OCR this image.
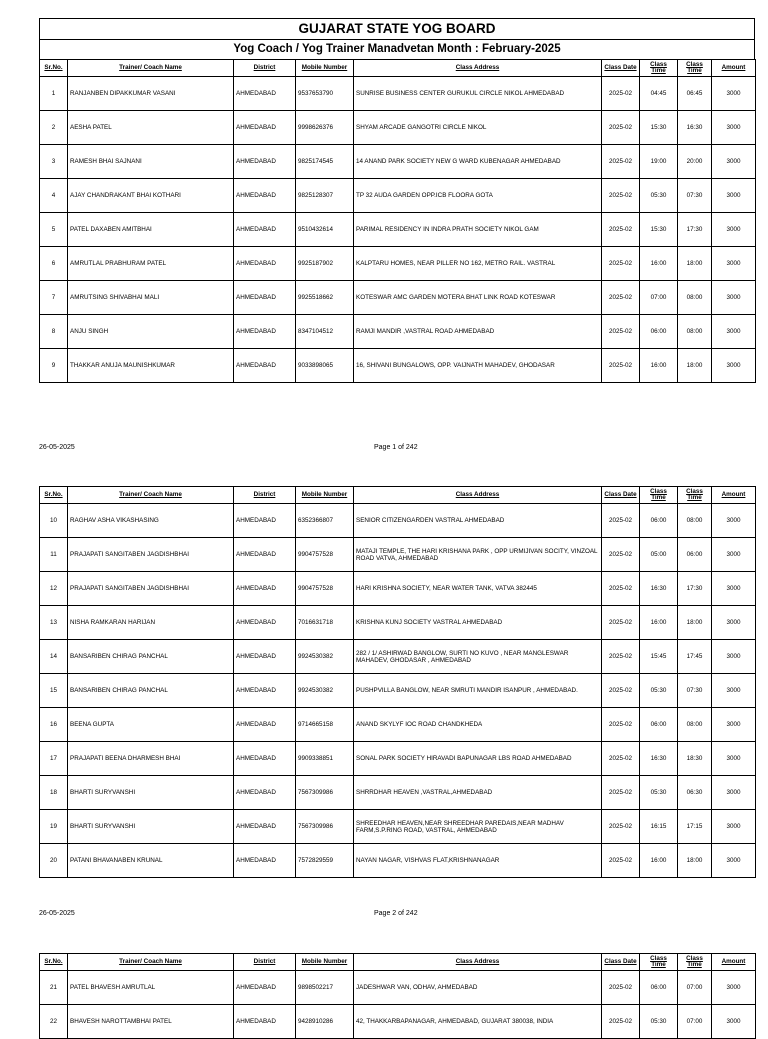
GUJARAT STATE YOG BOARD
Yog Coach / Yog Trainer Manadvetan Month : February-2025
Sr.No.	Trainer/ Coach Name	District	Mobile Number	Class Address	Class Date	Class Time	Class Time	Amount
1	RANJANBEN DIPAKKUMAR VASANI	AHMEDABAD	9537653790	SUNRISE BUSINESS CENTER GURUKUL CIRCLE NIKOL AHMEDABAD	2025-02	04:45	06:45	3000
2	AESHA PATEL	AHMEDABAD	9998626376	SHYAM ARCADE GANGOTRI CIRCLE NIKOL	2025-02	15:30	16:30	3000
3	RAMESH BHAI SAJNANI	AHMEDABAD	9825174545	14 ANAND PARK SOCIETY NEW G WARD KUBENAGAR AHMEDABAD	2025-02	19:00	20:00	3000
4	AJAY CHANDRAKANT BHAI KOTHARI	AHMEDABAD	9825128307	TP 32 AUDA GARDEN OPP.ICB FLOORA GOTA	2025-02	05:30	07:30	3000
5	PATEL DAXABEN AMITBHAI	AHMEDABAD	9510432614	PARIMAL RESIDENCY IN INDRA PRATH SOCIETY NIKOL GAM	2025-02	15:30	17:30	3000
6	AMRUTLAL PRABHURAM PATEL	AHMEDABAD	9925187902	KALPTARU HOMES, NEAR PILLER NO 162, METRO RAIL. VASTRAL	2025-02	16:00	18:00	3000
7	AMRUTSING SHIVABHAI MALI	AHMEDABAD	9925518662	KOTESWAR AMC GARDEN MOTERA BHAT LINK ROAD KOTESWAR	2025-02	07:00	08:00	3000
8	ANJU SINGH	AHMEDABAD	8347104512	RAMJI MANDIR ,VASTRAL ROAD AHMEDABAD	2025-02	06:00	08:00	3000
9	THAKKAR ANUJA MAUNISHKUMAR	AHMEDABAD	9033898065	16, SHIVANI BUNGALOWS, OPP. VAIJNATH MAHADEV, GHODASAR	2025-02	16:00	18:00	3000
26-05-2025	Page 1 of 242
Sr.No.	Trainer/ Coach Name	District	Mobile Number	Class Address	Class Date	Class Time	Class Time	Amount
10	RAGHAV ASHA VIKASHASING	AHMEDABAD	6352366807	SENIOR CITIZENGARDEN VASTRAL AHMEDABAD	2025-02	06:00	08:00	3000
11	PRAJAPATI SANGITABEN JAGDISHBHAI	AHMEDABAD	9904757528	MATAJI TEMPLE, THE HARI KRISHANA PARK , OPP URMIJIVAN SOCITY, VINZOAL ROAD VATVA, AHMEDABAD	2025-02	05:00	06:00	3000
12	PRAJAPATI SANGITABEN JAGDISHBHAI	AHMEDABAD	9904757528	HARI KRISHNA SOCIETY, NEAR WATER TANK, VATVA 382445	2025-02	16:30	17:30	3000
13	NISHA RAMKARAN HARIJAN	AHMEDABAD	7016631718	KRISHNA KUNJ SOCIETY VASTRAL AHMEDABAD	2025-02	16:00	18:00	3000
14	BANSARIBEN CHIRAG PANCHAL	AHMEDABAD	9924530382	282 / 1/ ASHIRWAD BANGLOW, SURTI NO KUVO , NEAR MANGLESWAR MAHADEV, GHODASAR , AHMEDABAD	2025-02	15:45	17:45	3000
15	BANSARIBEN CHIRAG PANCHAL	AHMEDABAD	9924530382	PUSHPVILLA BANGLOW, NEAR SMRUTI MANDIR ISANPUR , AHMEDABAD.	2025-02	05:30	07:30	3000
16	BEENA GUPTA	AHMEDABAD	9714665158	ANAND SKYLYF IOC ROAD CHANDKHEDA	2025-02	06:00	08:00	3000
17	PRAJAPATI BEENA DHARMESH BHAI	AHMEDABAD	9909338851	SONAL PARK SOCIETY HIRAVADI BAPUNAGAR LBS ROAD AHMEDABAD	2025-02	16:30	18:30	3000
18	BHARTI SURYVANSHI	AHMEDABAD	7567309986	SHRRDHAR HEAVEN ,VASTRAL,AHMEDABAD	2025-02	05:30	06:30	3000
19	BHARTI SURYVANSHI	AHMEDABAD	7567309986	SHREEDHAR HEAVEN,NEAR SHREEDHAR PAREDAIS,NEAR MADHAV FARM,S.P.RING ROAD, VASTRAL, AHMEDABAD	2025-02	16:15	17:15	3000
20	PATANI BHAVANABEN KRUNAL	AHMEDABAD	7572829559	NAYAN NAGAR, VISHVAS FLAT,KRISHNANAGAR	2025-02	16:00	18:00	3000
26-05-2025	Page 2 of 242
Sr.No.	Trainer/ Coach Name	District	Mobile Number	Class Address	Class Date	Class Time	Class Time	Amount
21	PATEL BHAVESH AMRUTLAL	AHMEDABAD	9898502217	JADESHWAR VAN, ODHAV, AHMEDABAD	2025-02	06:00	07:00	3000
22	BHAVESH NAROTTAMBHAI PATEL	AHMEDABAD	9428910286	42, THAKKARBAPANAGAR, AHMEDABAD, GUJARAT 380038, INDIA	2025-02	05:30	07:00	3000
